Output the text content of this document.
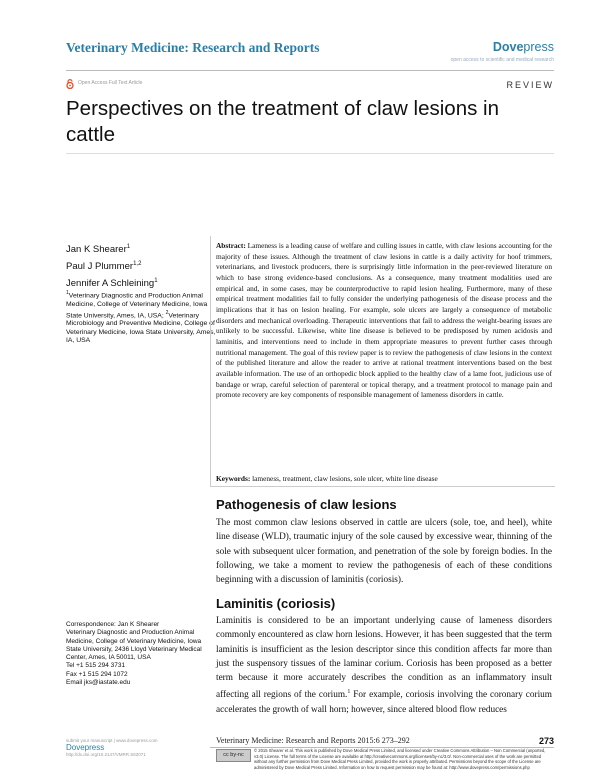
Veterinary Medicine: Research and Reports	Dovepress
open access to scientific and medical research
Open Access Full Text Article	REVIEW
Perspectives on the treatment of claw lesions in cattle
Jan K Shearer$^1$
Paul J Plummer$^{1,2}$
Jennifer A Schleining$^1$
$^1$Veterinary Diagnostic and Production Animal Medicine, College of Veterinary Medicine, Iowa State University, Ames, IA, USA; $^2$Veterinary Microbiology and Preventive Medicine, College of Veterinary Medicine, Iowa State University, Ames, IA, USA
Correspondence: Jan K Shearer
Veterinary Diagnostic and Production Animal Medicine, College of Veterinary Medicine, Iowa State University, 2436 Lloyd Veterinary Medical Center, Ames, IA 50011, USA
Tel +1 515 294 3731
Fax +1 515 294 1072
Email jks@iastate.edu
submit your manuscript | www.dovepress.com
Dovepress
http://dx.doi.org/10.2147/VMRR.S62071
Abstract: Lameness is a leading cause of welfare and culling issues in cattle, with claw lesions accounting for the majority of these issues. Although the treatment of claw lesions in cattle is a daily activity for hoof trimmers, veterinarians, and livestock producers, there is surprisingly little information in the peer-reviewed literature on which to base strong evidence-based conclusions. As a consequence, many treatment modalities used are empirical and, in some cases, may be counterproductive to rapid lesion healing. Furthermore, many of these empirical treatment modalities fail to fully consider the underlying pathogenesis of the disease process and the implications that it has on lesion healing. For example, sole ulcers are largely a consequence of metabolic disorders and mechanical overloading. Therapeutic interventions that fail to address the weight-bearing issues are unlikely to be successful. Likewise, white line disease is believed to be predisposed by rumen acidosis and laminitis, and interventions need to include in them appropriate measures to prevent further cases through nutritional management. The goal of this review paper is to review the pathogenesis of claw lesions in the context of the published literature and allow the reader to arrive at rational treatment interventions based on the best available information. The use of an orthopedic block applied to the healthy claw of a lame foot, judicious use of bandage or wrap, careful selection of parenteral or topical therapy, and a treatment protocol to manage pain and promote recovery are key components of responsible management of lameness disorders in cattle.
Keywords: lameness, treatment, claw lesions, sole ulcer, white line disease
Pathogenesis of claw lesions
The most common claw lesions observed in cattle are ulcers (sole, toe, and heel), white line disease (WLD), traumatic injury of the sole caused by excessive wear, thinning of the sole with subsequent ulcer formation, and penetration of the sole by foreign bodies. In the following, we take a moment to review the pathogenesis of each of these conditions beginning with a discussion of laminitis (coriosis).
Laminitis (coriosis)
Laminitis is considered to be an important underlying cause of lameness disorders commonly encountered as claw horn lesions. However, it has been suggested that the term laminitis is insufficient as the lesion descriptor since this condition affects far more than just the suspensory tissues of the laminar corium. Coriosis has been proposed as a better term because it more accurately describes the condition as an inflammatory insult affecting all regions of the corium.$^1$ For example, coriosis involving the coronary corium accelerates the growth of wall horn; however, since altered blood flow reduces
Veterinary Medicine: Research and Reports 2015:6 273–292	273
cc by-nc
© 2015 Shearer et al. This work is published by Dove Medical Press Limited, and licensed under Creative Commons Attribution – Non Commercial (unported, v3.0) License. The full terms of the License are available at http://creativecommons.org/licenses/by-nc/3.0/. Non-commercial uses of the work are permitted without any further permission from Dove Medical Press Limited, provided the work is properly attributed. Permissions beyond the scope of the License are administered by Dove Medical Press Limited. Information on how to request permission may be found at: http://www.dovepress.com/permissions.php
